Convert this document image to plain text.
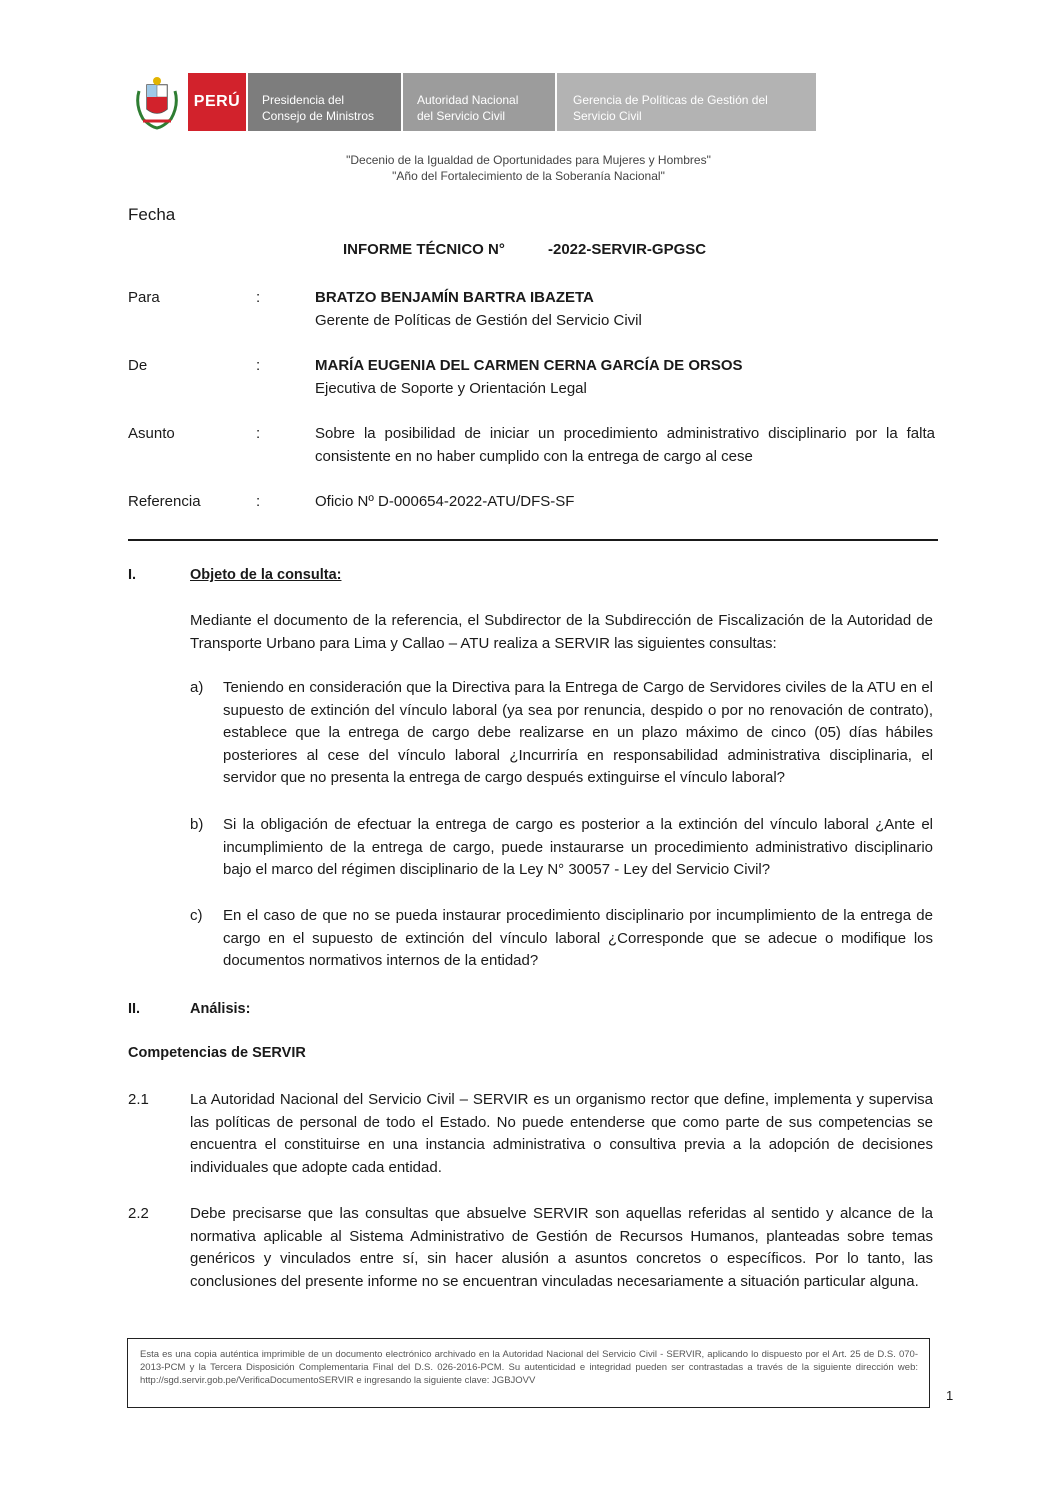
PERÚ	Presidencia del
Consejo de Ministros
Autoridad Nacional
del Servicio Civil
Gerencia de Políticas de Gestión del
Servicio Civil
"Decenio de la Igualdad de Oportunidades para Mujeres y Hombres"
"Año del Fortalecimiento de la Soberanía Nacional"
Fecha
INFORME TÉCNICO N°	-2022-SERVIR-GPGSC
Para	:	BRATZO BENJAMÍN BARTRA IBAZETA
Gerente de Políticas de Gestión del Servicio Civil
De	:	MARÍA EUGENIA DEL CARMEN CERNA GARCÍA DE ORSOS
Ejecutiva de Soporte y Orientación Legal
Asunto	:	Sobre la posibilidad de iniciar un procedimiento administrativo disciplinario por la falta consistente en no haber cumplido con la entrega de cargo al cese
Referencia	:	Oficio Nº D-000654-2022-ATU/DFS-SF
I.	Objeto de la consulta:
Mediante el documento de la referencia, el Subdirector de la Subdirección de Fiscalización de la Autoridad de Transporte Urbano para Lima y Callao – ATU realiza a SERVIR las siguientes consultas:
a) Teniendo en consideración que la Directiva para la Entrega de Cargo de Servidores civiles de la ATU en el supuesto de extinción del vínculo laboral (ya sea por renuncia, despido o por no renovación de contrato), establece que la entrega de cargo debe realizarse en un plazo máximo de cinco (05) días hábiles posteriores al cese del vínculo laboral ¿Incurriría en responsabilidad administrativa disciplinaria, el servidor que no presenta la entrega de cargo después extinguirse el vínculo laboral?
b) Si la obligación de efectuar la entrega de cargo es posterior a la extinción del vínculo laboral ¿Ante el incumplimiento de la entrega de cargo, puede instaurarse un procedimiento administrativo disciplinario bajo el marco del régimen disciplinario de la Ley N° 30057 - Ley del Servicio Civil?
c) En el caso de que no se pueda instaurar procedimiento disciplinario por incumplimiento de la entrega de cargo en el supuesto de extinción del vínculo laboral ¿Corresponde que se adecue o modifique los documentos normativos internos de la entidad?
II.	Análisis:
Competencias de SERVIR
2.1	La Autoridad Nacional del Servicio Civil – SERVIR es un organismo rector que define, implementa y supervisa las políticas de personal de todo el Estado. No puede entenderse que como parte de sus competencias se encuentra el constituirse en una instancia administrativa o consultiva previa a la adopción de decisiones individuales que adopte cada entidad.
2.2	Debe precisarse que las consultas que absuelve SERVIR son aquellas referidas al sentido y alcance de la normativa aplicable al Sistema Administrativo de Gestión de Recursos Humanos, planteadas sobre temas genéricos y vinculados entre sí, sin hacer alusión a asuntos concretos o específicos. Por lo tanto, las conclusiones del presente informe no se encuentran vinculadas necesariamente a situación particular alguna.
Esta es una copia auténtica imprimible de un documento electrónico archivado en la Autoridad Nacional del Servicio Civil - SERVIR, aplicando lo dispuesto por el Art. 25 de D.S. 070-2013-PCM y la Tercera Disposición Complementaria Final del D.S. 026-2016-PCM. Su autenticidad e integridad pueden ser contrastadas a través de la siguiente dirección web: http://sgd.servir.gob.pe/VerificaDocumentoSERVIR e ingresando la siguiente clave: JGBJOVV
1
